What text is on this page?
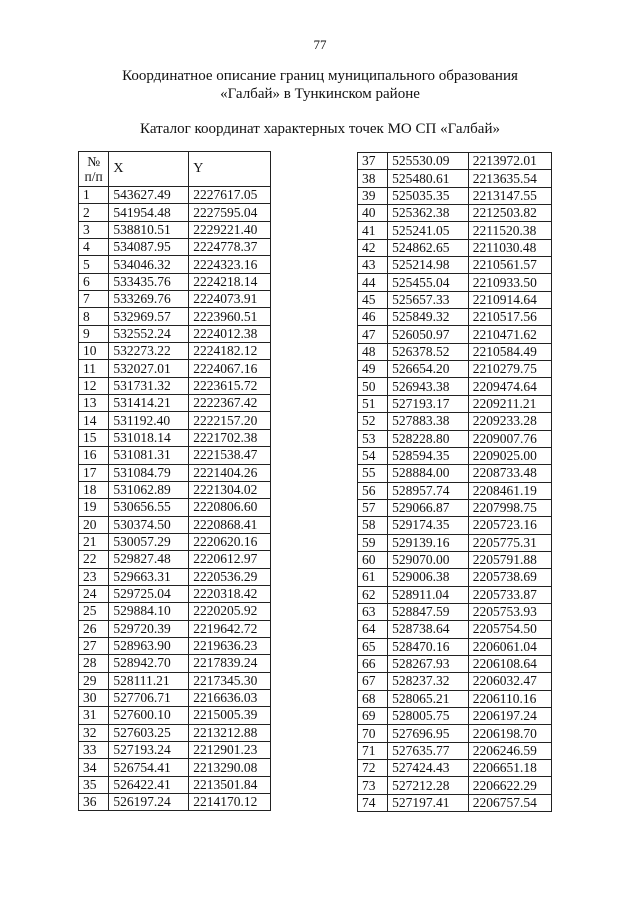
77
Координатное описание границ муниципального образования
«Галбай» в Тункинском районе
Каталог координат характерных точек МО СП «Галбай»
№
п/п	X	Y
1	543627.49	2227617.05
2	541954.48	2227595.04
3	538810.51	2229221.40
4	534087.95	2224778.37
5	534046.32	2224323.16
6	533435.76	2224218.14
7	533269.76	2224073.91
8	532969.57	2223960.51
9	532552.24	2224012.38
10	532273.22	2224182.12
11	532027.01	2224067.16
12	531731.32	2223615.72
13	531414.21	2222367.42
14	531192.40	2222157.20
15	531018.14	2221702.38
16	531081.31	2221538.47
17	531084.79	2221404.26
18	531062.89	2221304.02
19	530656.55	2220806.60
20	530374.50	2220868.41
21	530057.29	2220620.16
22	529827.48	2220612.97
23	529663.31	2220536.29
24	529725.04	2220318.42
25	529884.10	2220205.92
26	529720.39	2219642.72
27	528963.90	2219636.23
28	528942.70	2217839.24
29	528111.21	2217345.30
30	527706.71	2216636.03
31	527600.10	2215005.39
32	527603.25	2213212.88
33	527193.24	2212901.23
34	526754.41	2213290.08
35	526422.41	2213501.84
36	526197.24	2214170.12
37	525530.09	2213972.01
38	525480.61	2213635.54
39	525035.35	2213147.55
40	525362.38	2212503.82
41	525241.05	2211520.38
42	524862.65	2211030.48
43	525214.98	2210561.57
44	525455.04	2210933.50
45	525657.33	2210914.64
46	525849.32	2210517.56
47	526050.97	2210471.62
48	526378.52	2210584.49
49	526654.20	2210279.75
50	526943.38	2209474.64
51	527193.17	2209211.21
52	527883.38	2209233.28
53	528228.80	2209007.76
54	528594.35	2209025.00
55	528884.00	2208733.48
56	528957.74	2208461.19
57	529066.87	2207998.75
58	529174.35	2205723.16
59	529139.16	2205775.31
60	529070.00	2205791.88
61	529006.38	2205738.69
62	528911.04	2205733.87
63	528847.59	2205753.93
64	528738.64	2205754.50
65	528470.16	2206061.04
66	528267.93	2206108.64
67	528237.32	2206032.47
68	528065.21	2206110.16
69	528005.75	2206197.24
70	527696.95	2206198.70
71	527635.77	2206246.59
72	527424.43	2206651.18
73	527212.28	2206622.29
74	527197.41	2206757.54
